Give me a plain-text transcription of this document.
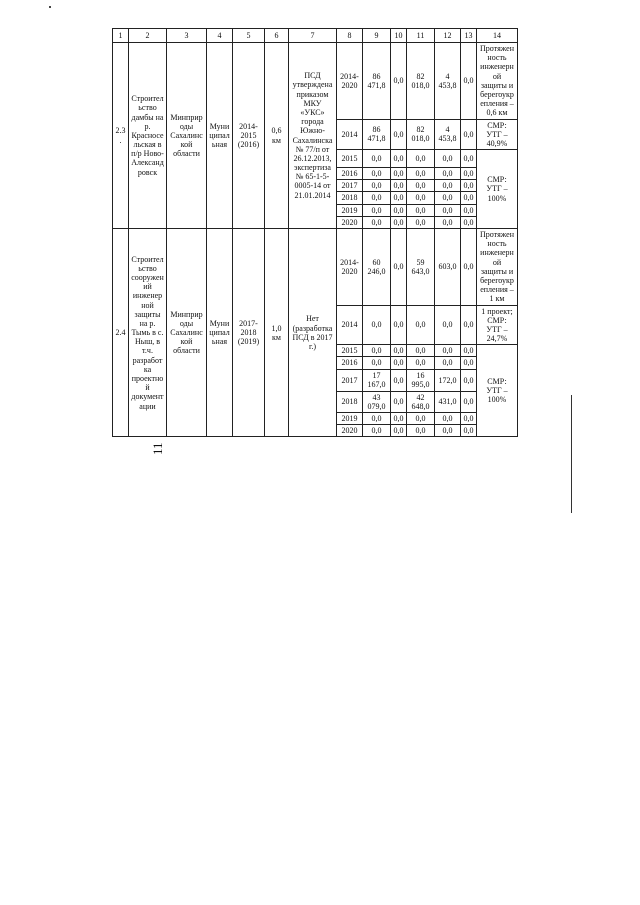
11
1	2	3	4	5	6	7	8	9	10	11	12	13	14
2.3.	Строительство дамбы на р. Красносельская в п/р Ново-Александровск	Минприроды Сахалинской области	Муниципальная	2014-2015 (2016)	0,6 км	ПСД утверждена приказом МКУ «УКС» города Южно-Сахалинска № 77/п от 26.12.2013, экспертиза № 65-1-5-0005-14 от 21.01.2014	2014-2020	86 471,8	0,0	82 018,0	4 453,8	0,0	Протяженность инженерной защиты и берегоукрепления – 0,6 км
							2014	86 471,8	0,0	82 018,0	4 453,8	0,0	СМР: УТГ – 40,9%
							2015	0,0	0,0	0,0	0,0	0,0	СМР: УТГ – 100%
							2016	0,0	0,0	0,0	0,0	0,0	
							2017	0,0	0,0	0,0	0,0	0,0	
							2018	0,0	0,0	0,0	0,0	0,0	
							2019	0,0	0,0	0,0	0,0	0,0	
							2020	0,0	0,0	0,0	0,0	0,0	
2.4	Строительство сооружений инженерной защиты на р. Тымь в с. Ныш, в т.ч. разработка проектной документации	Минприроды Сахалинской области	Муниципальная	2017-2018 (2019)	1,0 км	Нет (разработка ПСД в 2017 г.)	2014-2020	60 246,0	0,0	59 643,0	603,0	0,0	Протяженность инженерной защиты и берегоукрепления – 1 км
							2014	0,0	0,0	0,0	0,0	0,0	1 проект; СМР: УТГ – 24,7%
							2015	0,0	0,0	0,0	0,0	0,0	СМР: УТГ – 100%
							2016	0,0	0,0	0,0	0,0	0,0	
							2017	17 167,0	0,0	16 995,0	172,0	0,0	
							2018	43 079,0	0,0	42 648,0	431,0	0,0	
							2019	0,0	0,0	0,0	0,0	0,0	
							2020	0,0	0,0	0,0	0,0	0,0	
